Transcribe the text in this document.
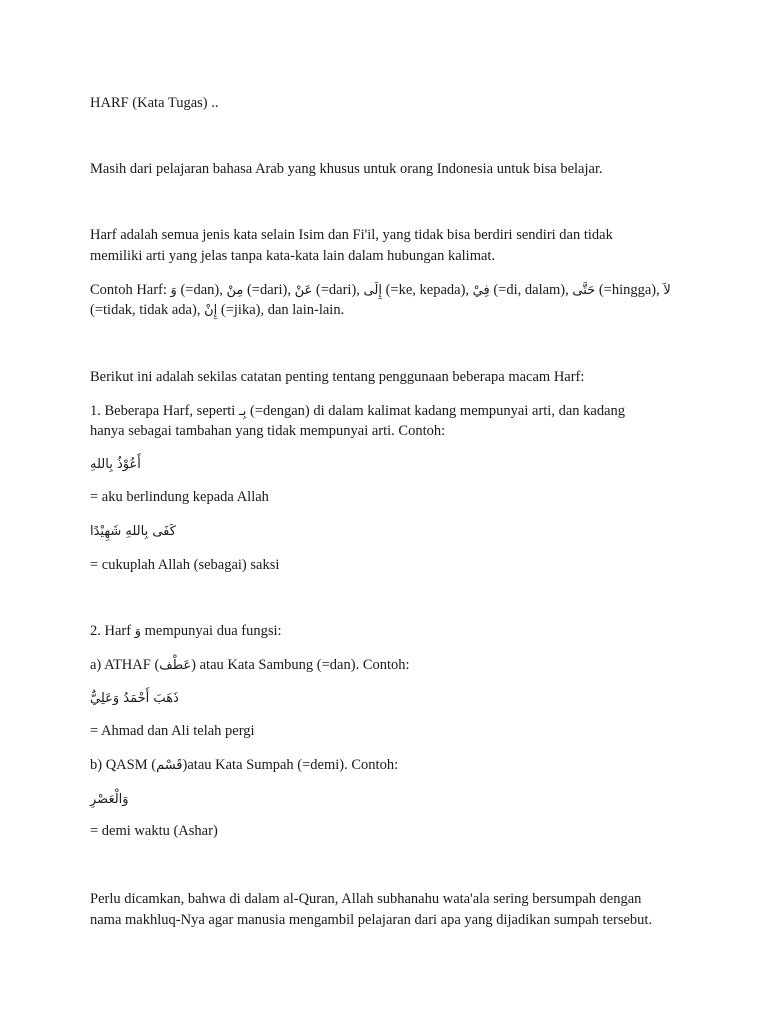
HARF (Kata Tugas) ..
Masih dari pelajaran bahasa Arab yang khusus untuk orang Indonesia untuk bisa belajar.
Harf adalah semua jenis kata selain Isim dan Fi'il, yang tidak bisa berdiri sendiri dan tidak
memiliki arti yang jelas tanpa kata-kata lain dalam hubungan kalimat.
Contoh Harf: وَ (=dan), مِنْ (=dari), عَنْ (=dari), إِلَى (=ke, kepada), فِيْ (=di, dalam), حَتَّى (=hingga), لاَ
(=tidak, tidak ada), إِنْ (=jika), dan lain-lain.
Berikut ini adalah sekilas catatan penting tentang penggunaan beberapa macam Harf:
1. Beberapa Harf, seperti بِـ (=dengan) di dalam kalimat kadang mempunyai arti, dan kadang
hanya sebagai tambahan yang tidak mempunyai arti. Contoh:
أَعُوْذُ بِاللهِ
= aku berlindung kepada Allah
كَفَى بِاللهِ شَهِيْدًا
= cukuplah Allah (sebagai) saksi
2. Harf وَ mempunyai dua fungsi:
a) ATHAF (عَطْف) atau Kata Sambung (=dan). Contoh:
ذَهَبَ أَحْمَدُ وَعَلِيٌّ
= Ahmad dan Ali telah pergi
b) QASM (قَسْم)atau Kata Sumpah (=demi). Contoh:
وَالْعَصْرِ
= demi waktu (Ashar)
Perlu dicamkan, bahwa di dalam al-Quran, Allah subhanahu wata'ala sering bersumpah dengan
nama makhluq-Nya agar manusia mengambil pelajaran dari apa yang dijadikan sumpah tersebut.
